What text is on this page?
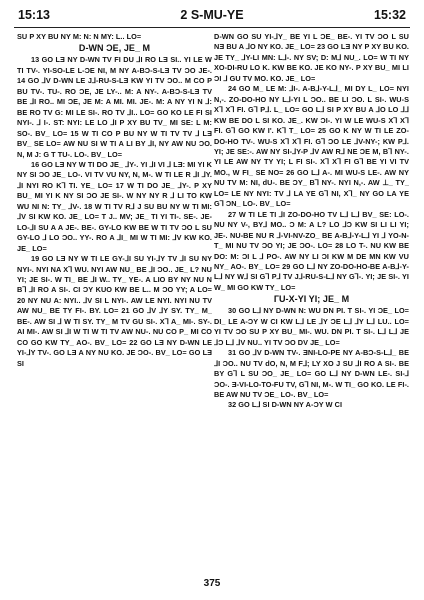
15:13	2 S-MU-YE	15:32

SU P XY BU NY M: N: N MY: L.. LO=

D-WN ƆE, JE_ M

13 GO LƎ NY D-WN TV FI DU ⅃I RO LƎ SI.. YI LE W TI TV-. YI-SO-LE L-ƆE NI, M NY A-BƆ-S-LƎ TV ƆO JE-. 14 GO ⅃V D-WN LE J⅃-RU-S-LƎ KW YI TV ƆO.. M CO P BU TV-. TU-. RO ƆE, JE LY-.. M: A NY-. A-BƆ-S-LƎ TV BE ⅃I RO.. MI ƆE, JE M: A MI. MI. JE-. M: A NY YI N ⅃: BE RO TV G: MI LE SI-. RO TV ⅃I.. LO= GO KO LE FI SI NYI-. ⅃ I-. ST: NYI: LE LO ⅃I P XY BU TV_ MI SE: L M: SO-. BV_ LO= 15 W TI CO P BU NY W TI TV TV ⅃ LƎ BV_ SE LO= AW NU SI W TI A LI BY ⅃I, NY AW NU ƆO. N, M J: G T TU-. LO-. BV_ LO=

16 GO LƎ NY W TI DO JE_ ⅃Y-. YI ⅃I VI ⅃ LƎ: MI YI K NY SI ƆO JE_ LO-. VI TV VU NY, N, M-. W TI LE R ⅃I ⅃Y. ⅃I NYI RO K⅂ TI. YE_ LO= 17 W TI DO JE_ ⅃Y-. P XY BU_ MI YI K NY SI ƆO JE SI-. W NY NY R ⅃ LI TO KW WU NI N: TY_ ⅃V-. 18 W TI TV R⅃ J SU BU NY W TI MI: ⅃V SI KW KO. JE_ LO= T J.. MV; JE_ TI YI TI-. SE-. JE-LO-⅃I SU A A JE-. BE-. GY-LO KW BE W TI TV ƆO L SU GY-LO ⅃ LO ƆO.. YY-. RO A ⅃I_ MI W TI MI: ⅃V KW KO. JE_ LO=

19 GO LƎ NY W TI LE GY-⅃I SU YI-⅃Y TV ⅃I SU NY NYI-. NYI NA X⅂ WU. NYI AW NU_ BE ⅃I ƆO.. JE_ L? NU YI; JE SI-. W TI_ BE ⅃I W.. TY_ YE-. A LIO BY NY NU N B⅂ ⅃I RO A SI-. CI ƆY KUO KW BE L.. M ƆO YY; A LO= 20 NY NU A: NYI.. ⅃V SI L NYI-. AW LE NYI. NYI NU TV AW NU_ BE TY FI-. BY. LO= 21 GO ⅃V ⅃Y SY. TY_ M_ BE-. AW SI ⅃ W TI SY. TY_ M TV GU SI-. X⅂ A_ MI-. SY-. AI MI-. AW SI ⅃I W TI W TI TV AW NU-. NU CO P_ MI CO CO GO KW TY_ AO-. BV_ LO= 22 GO LƎ NY D-WN LE YI-⅃Y TV-. GO LƎ A NY NU KO. JE ƆO-. BV_ LO= GO LƎ SI

D-WN GO SU YI-⅃Y_ BE YI L ƆE_ BE-. YI TV ƆO L SU NƎ BU A ⅃O NY KO. JE_ LO= 23 GO LƎ NY P XY BU KO. JE TY_ ⅃Y-LI MN: L⅃-. NY SV; D: M⅃ NU_. LO= W TI NY XO-DI-RU LO K. KW BE KO. JE KO NY-. P XY BU_ MI LI ƆI ⅃ GU TV MO. KO. JE_ LO=

24 GO M_ LE M: ⅃I-. A-B⅃-Y-L⅃_ MI DY L_ LO= NYI N,-. ZO-DO-HO NY L⅃-YI L ƆO.. BE LI ƆO. L SI-. WU-S X⅂ X⅂ FI. G⅂ P⅃. L_ LO= GO L⅃ SI P XY BU A ⅃O LO ⅃⅃ KW BE DO L SI KO. JE_. KW ƆI-. YI W LE WU-S X⅂ X⅂ FI. G⅂ GO KW I'. K⅂ T_ LO= 25 GO K NY W TI LE ZO-DO-HO TV-. WU-S X⅂ X⅂ FI. G⅂ ƆO LE ⅃V-NY-; KW P⅃. YI; JE SE:-. AW NY SI-⅃Y-P ⅃V AW R⅃ NE ƆE M, B⅂ NY-. YI LE AW NY TY YI; L FI SI-. X⅂ X⅂ FI G⅂ BE YI VI TV MO., W FI_ SE NO= 26 GO L⅃ A-. MI WU-S LE-. AW NY NU TV M: NI, dU-. BE ƆY_ B⅂ NY-. NYI N,-. AW ⊥_ TY_ LO= LE NY NYI: TV ⅃ LA YE G⅂ NI, X⅂_ NY GO LA YE G⅂ ƆN_ LO-. BV_ LO=

27 W TI LE TI ⅃I ZO-DO-HO TV L⅃ L⅃ BV_ SE: LO-. NU NY V-, BY⅃ MO.. Ɔ M: A L? LO ⅃Ɔ KW SI LI LI YI; JE-. NU-BE NU R ⅃-VI-NV-ZO_ BE A-B⅃-Y-L⅃ YI ⅃ YO-N-T_ MI NU TV ƆO YI; JE ƆO-. LO= 28 LO T-. NU KW BE DO: M: ƆI L ⅃ PO-. AW NY LI ƆI KW M DE MN KW VU NY_ AO-. BY_ LO= 29 GO L⅃ NY ZO-DO-HO-BE A-B⅃-Y-L⅃ NY W⅃ SI G⅂ P⅃ TV J⅃-RU-S-L⅃ NY G⅂-. YI; JE SI-. YI W_ MI GO KW TY_ LO=

ГU-X-YI YI; JE_ M

30 GO L⅃ NY D-WN N: WU DN PI. T SI-. YI ƆE_ LO= DI_ LE A-ƆY W CI KW L⅃ LE ⅃Y ƆE L⅃ ⅃Y L⅃ LU.. LO= YI TV ƆO SU P XY BU_ MI-. WU. DN PI. T SI-. L⅃ L⅃ JE ⅃Ɔ L⅃ ⅃V NU.. YI TV ƆO DV JE_ LO=

31 GO ⅃V D-WN TV-. ƎNI-LO-PE NY A-BƆ-S-L⅃_ BE ⅃I ƆO.. NU TV dO, N, M F⅃; LY XO J SU ⅃I RO A SI-. BE BY G⅂ L SU ƆO_ JE_ LO= GO L⅃ NY D-WN LE-. SI-⅃ ƆO-. Ǝ-VI-LO-TO-FU TV, G⅂ NI, M-. W TI_ GO KO. LE FI-. BE AW NU TV ƆE_ LO-. BV_ LO=

32 GO L⅃ SI D-WN NY A-ƆY W CI

375
